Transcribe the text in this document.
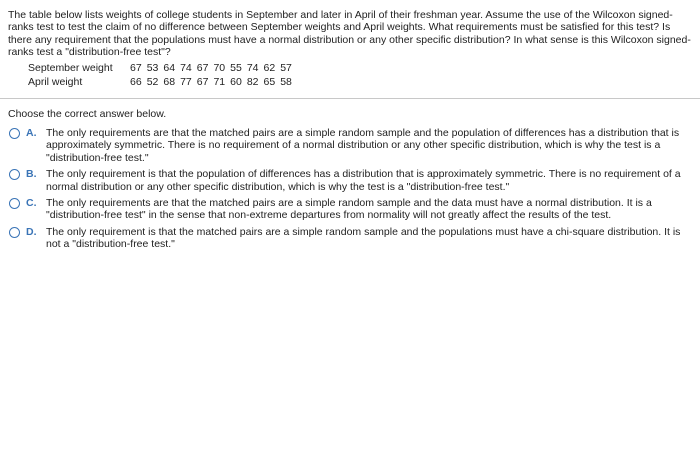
The table below lists weights of college students in September and later in April of their freshman year. Assume the use of the Wilcoxon signed-ranks test to test the claim of no difference between September weights and April weights. What requirements must be satisfied for this test? Is there any requirement that the populations must have a normal distribution or any other specific distribution? In what sense is this Wilcoxon signed-ranks test a "distribution-free test"?
September weight	67	53	64	74	67	70	55	74	62	57
April weight	66	52	68	77	67	71	60	82	65	58
Choose the correct answer below.
A. The only requirements are that the matched pairs are a simple random sample and the population of differences has a distribution that is approximately symmetric. There is no requirement of a normal distribution or any other specific distribution, which is why the test is a "distribution-free test."
B. The only requirement is that the population of differences has a distribution that is approximately symmetric. There is no requirement of a normal distribution or any other specific distribution, which is why the test is a "distribution-free test."
C. The only requirements are that the matched pairs are a simple random sample and the data must have a normal distribution. It is a "distribution-free test" in the sense that non-extreme departures from normality will not greatly affect the results of the test.
D. The only requirement is that the matched pairs are a simple random sample and the populations must have a chi-square distribution. It is not a "distribution-free test."
